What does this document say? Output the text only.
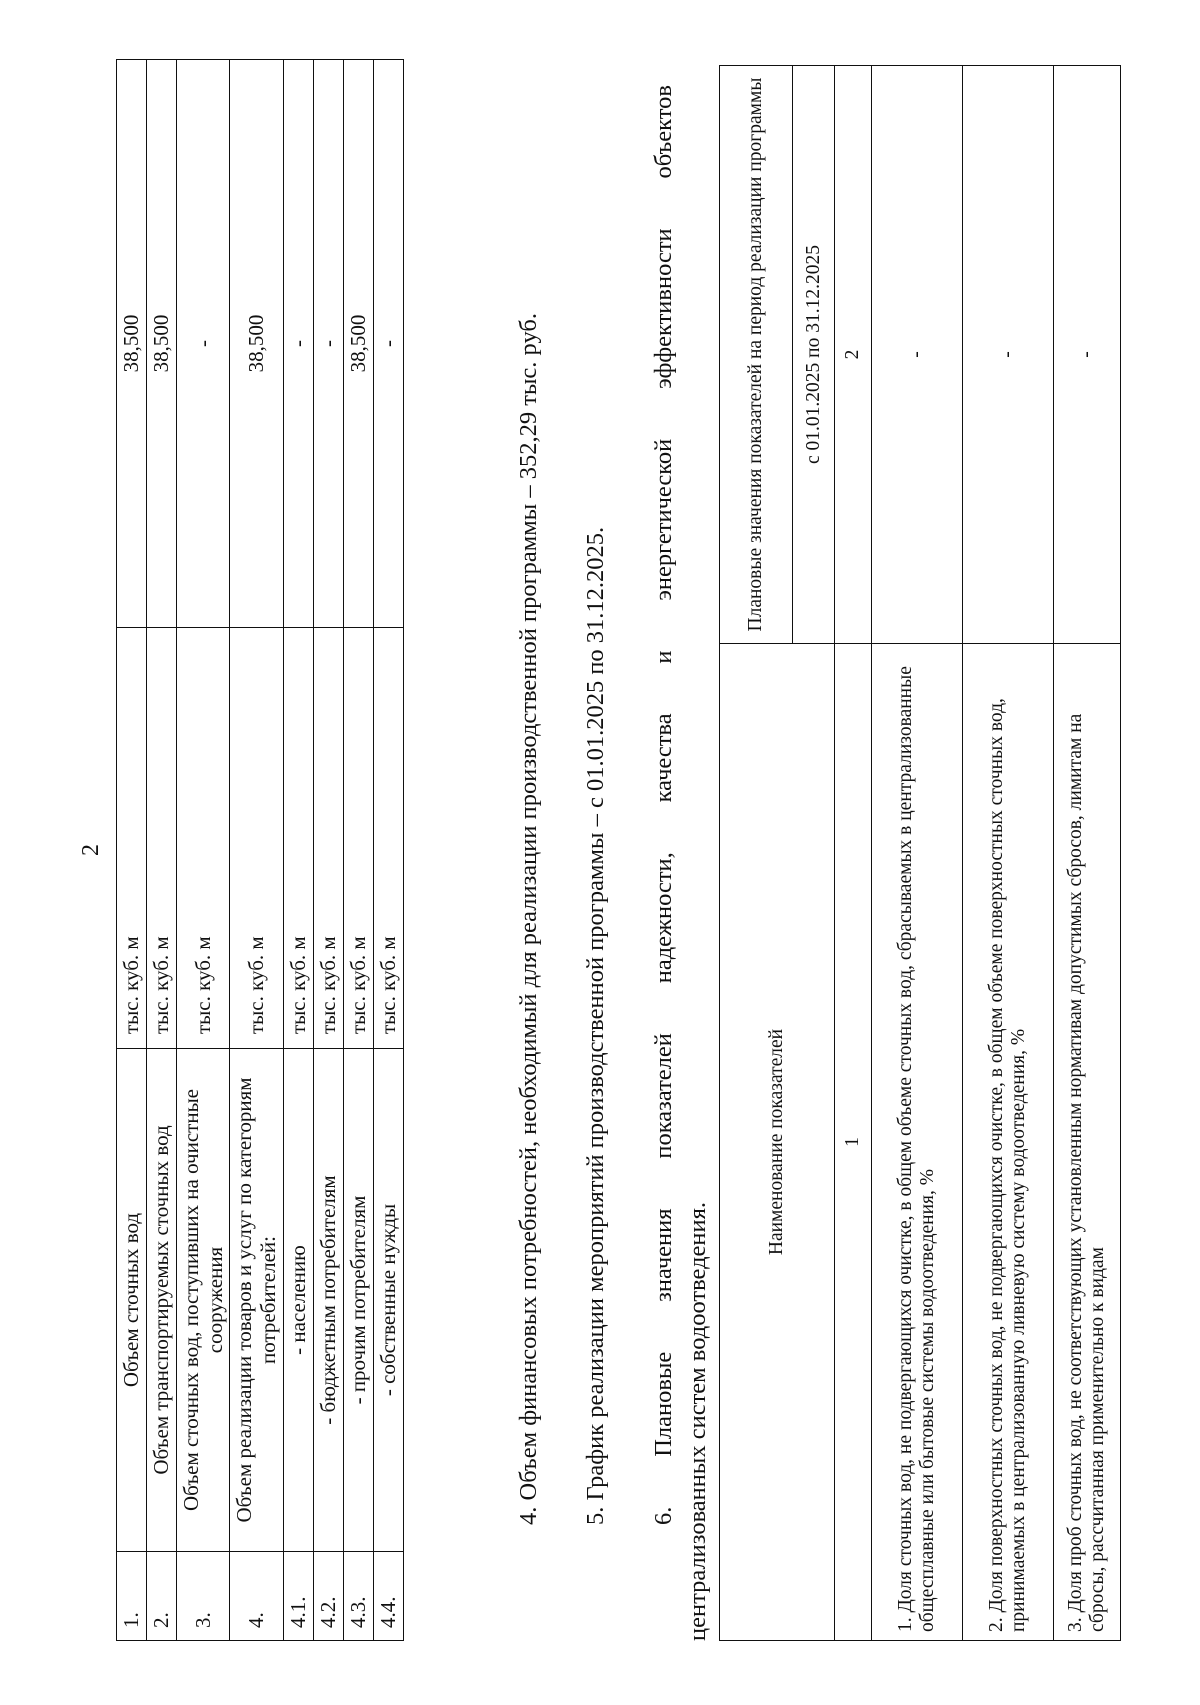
2
1.	Объем сточных вод	тыс. куб. м	38,500
2.	Объем транспортируемых сточных вод	тыс. куб. м	38,500
3.	Объем сточных вод, поступивших на очистные сооружения	тыс. куб. м	-
4.	Объем реализации товаров и услуг по категориям потребителей:	тыс. куб. м	38,500
4.1.	- населению	тыс. куб. м	-
4.2.	- бюджетным потребителям	тыс. куб. м	-
4.3.	- прочим потребителям	тыс. куб. м	38,500
4.4.	- собственные нужды	тыс. куб. м	-	4. Объем финансовых потребностей, необходимый для реализации производственной программы – 352,29 тыс. руб. 5. График реализации мероприятий производственной программы – с 01.01.2025 по 31.12.2025. 6.
Плановые
значения
показателей
надежности,
качества
и
энергетической
эффективности
объектов
централизованных систем водоотведения.
Наименование показателей	Плановые значения показателей на период реализации программы
	с 01.01.2025 по 31.12.2025
1	2
1. Доля сточных вод, не подвергающихся очистке, в общем объеме сточных вод, сбрасываемых в централизованные общесплавные или бытовые системы водоотведения, %	-
2. Доля поверхностных сточных вод, не подвергающихся очистке, в общем объеме поверхностных сточных вод, принимаемых в централизованную ливневую систему водоотведения, %	-
3. Доля проб сточных вод, не соответствующих установленным нормативам допустимых сбросов, лимитам на сбросы, рассчитанная применительно к видам	-
